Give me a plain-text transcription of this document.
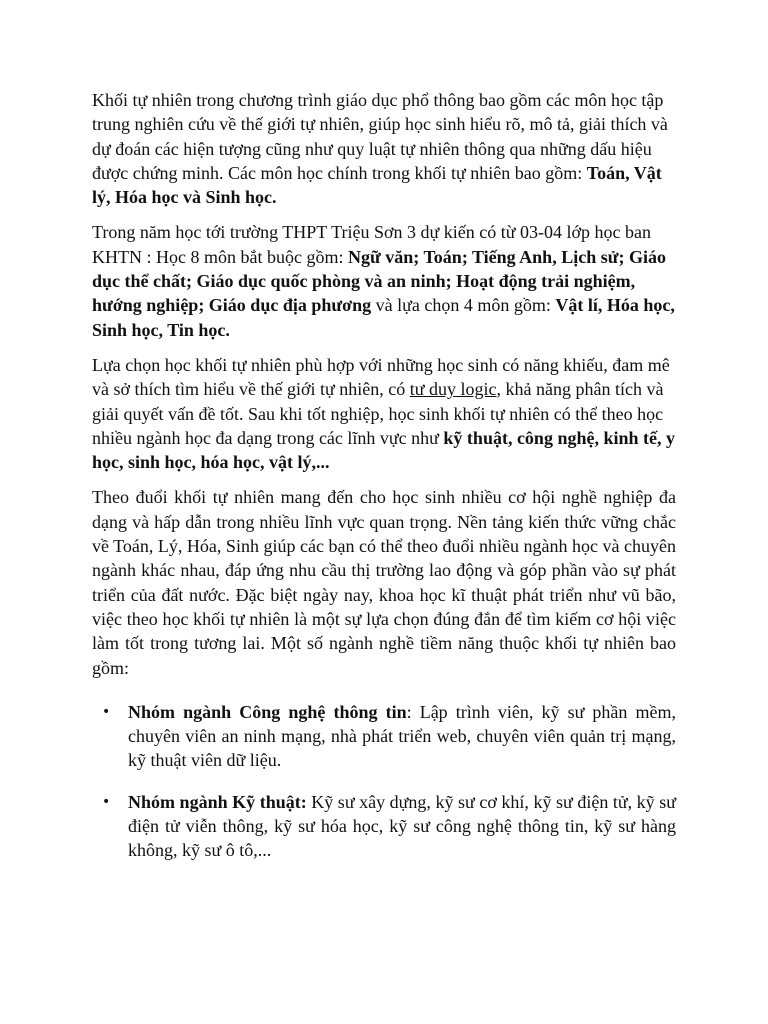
Khối tự nhiên trong chương trình giáo dục phổ thông bao gồm các môn học tập trung nghiên cứu về thế giới tự nhiên, giúp học sinh hiểu rõ, mô tả, giải thích và dự đoán các hiện tượng cũng như quy luật tự nhiên thông qua những dấu hiệu được chứng minh. Các môn học chính trong khối tự nhiên bao gồm: Toán, Vật lý, Hóa học và Sinh học.

Trong năm học tới trường THPT Triệu Sơn 3 dự kiến có từ 03-04 lớp học ban KHTN : Học 8 môn bắt buộc gồm: Ngữ văn; Toán; Tiếng Anh, Lịch sử; Giáo dục thể chất; Giáo dục quốc phòng và an ninh; Hoạt động trải nghiệm, hướng nghiệp; Giáo dục địa phương và lựa chọn 4 môn gồm: Vật lí, Hóa học, Sinh học, Tin học.

Lựa chọn học khối tự nhiên phù hợp với những học sinh có năng khiếu, đam mê và sở thích tìm hiểu về thế giới tự nhiên, có tư duy logic, khả năng phân tích và giải quyết vấn đề tốt. Sau khi tốt nghiệp, học sinh khối tự nhiên có thể theo học nhiều ngành học đa dạng trong các lĩnh vực như kỹ thuật, công nghệ, kinh tế, y học, sinh học, hóa học, vật lý,...

Theo đuổi khối tự nhiên mang đến cho học sinh nhiều cơ hội nghề nghiệp đa dạng và hấp dẫn trong nhiều lĩnh vực quan trọng. Nền tảng kiến thức vững chắc về Toán, Lý, Hóa, Sinh giúp các bạn có thể theo đuổi nhiều ngành học và chuyên ngành khác nhau, đáp ứng nhu cầu thị trường lao động và góp phần vào sự phát triển của đất nước. Đặc biệt ngày nay, khoa học kĩ thuật phát triển như vũ bão, việc theo học khối tự nhiên là một sự lựa chọn đúng đắn để tìm kiếm cơ hội việc làm tốt trong tương lai. Một số ngành nghề tiềm năng thuộc khối tự nhiên bao gồm:

• Nhóm ngành Công nghệ thông tin: Lập trình viên, kỹ sư phần mềm, chuyên viên an ninh mạng, nhà phát triển web, chuyên viên quản trị mạng, kỹ thuật viên dữ liệu.
• Nhóm ngành Kỹ thuật: Kỹ sư xây dựng, kỹ sư cơ khí, kỹ sư điện tử, kỹ sư điện tử viễn thông, kỹ sư hóa học, kỹ sư công nghệ thông tin, kỹ sư hàng không, kỹ sư ô tô,...
